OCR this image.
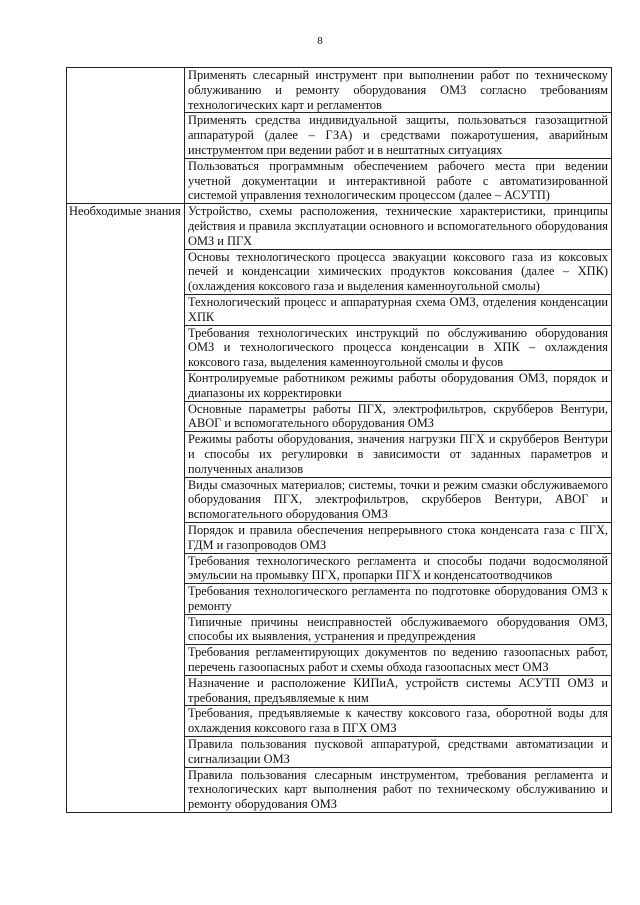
8
	Применять слесарный инструмент при выполнении работ по техническому облуживанию и ремонту оборудования ОМЗ согласно требованиям технологических карт и регламентов
	Применять средства индивидуальной защиты, пользоваться газозащитной аппаратурой (далее – ГЗА) и средствами пожаротушения, аварийным инструментом при ведении работ и в нештатных ситуациях
	Пользоваться программным обеспечением рабочего места при ведении учетной документации и интерактивной работе с автоматизированной системой управления технологическим процессом (далее – АСУТП)
Необходимые знания	Устройство, схемы расположения, технические характеристики, принципы действия и правила эксплуатации основного и вспомогательного оборудования ОМЗ и ПГХ
	Основы технологического процесса эвакуации коксового газа из коксовых печей и конденсации химических продуктов коксования (далее – ХПК) (охлаждения коксового газа и выделения каменноугольной смолы)
	Технологический процесс и аппаратурная схема ОМЗ, отделения конденсации ХПК
	Требования технологических инструкций по обслуживанию оборудования ОМЗ и технологического процесса конденсации в ХПК – охлаждения коксового газа, выделения каменноугольной смолы и фусов
	Контролируемые работником режимы работы оборудования ОМЗ, порядок и диапазоны их корректировки
	Основные параметры работы ПГХ, электрофильтров, скрубберов Вентури, АВОГ и вспомогательного оборудования ОМЗ
	Режимы работы оборудования, значения нагрузки ПГХ и скрубберов Вентури и способы их регулировки в зависимости от заданных параметров и полученных анализов
	Виды смазочных материалов; системы, точки и режим смазки обслуживаемого оборудования ПГХ, электрофильтров, скрубберов Вентури, АВОГ и вспомогательного оборудования ОМЗ
	Порядок и правила обеспечения непрерывного стока конденсата газа с ПГХ, ГДМ и газопроводов ОМЗ
	Требования технологического регламента и способы подачи водосмоляной эмульсии на промывку ПГХ, пропарки ПГХ и конденсатоотводчиков
	Требования технологического регламента по подготовке оборудования ОМЗ к ремонту
	Типичные причины неисправностей обслуживаемого оборудования ОМЗ, способы их выявления, устранения и предупреждения
	Требования регламентирующих документов по ведению газоопасных работ, перечень газоопасных работ и схемы обхода газоопасных мест ОМЗ
	Назначение и расположение КИПиА, устройств системы АСУТП ОМЗ и требования, предъявляемые к ним
	Требования, предъявляемые к качеству коксового газа, оборотной воды для охлаждения коксового газа в ПГХ ОМЗ
	Правила пользования пусковой аппаратурой, средствами автоматизации и сигнализации ОМЗ
	Правила пользования слесарным инструментом, требования регламента и технологических карт выполнения работ по техническому обслуживанию и ремонту оборудования ОМЗ
